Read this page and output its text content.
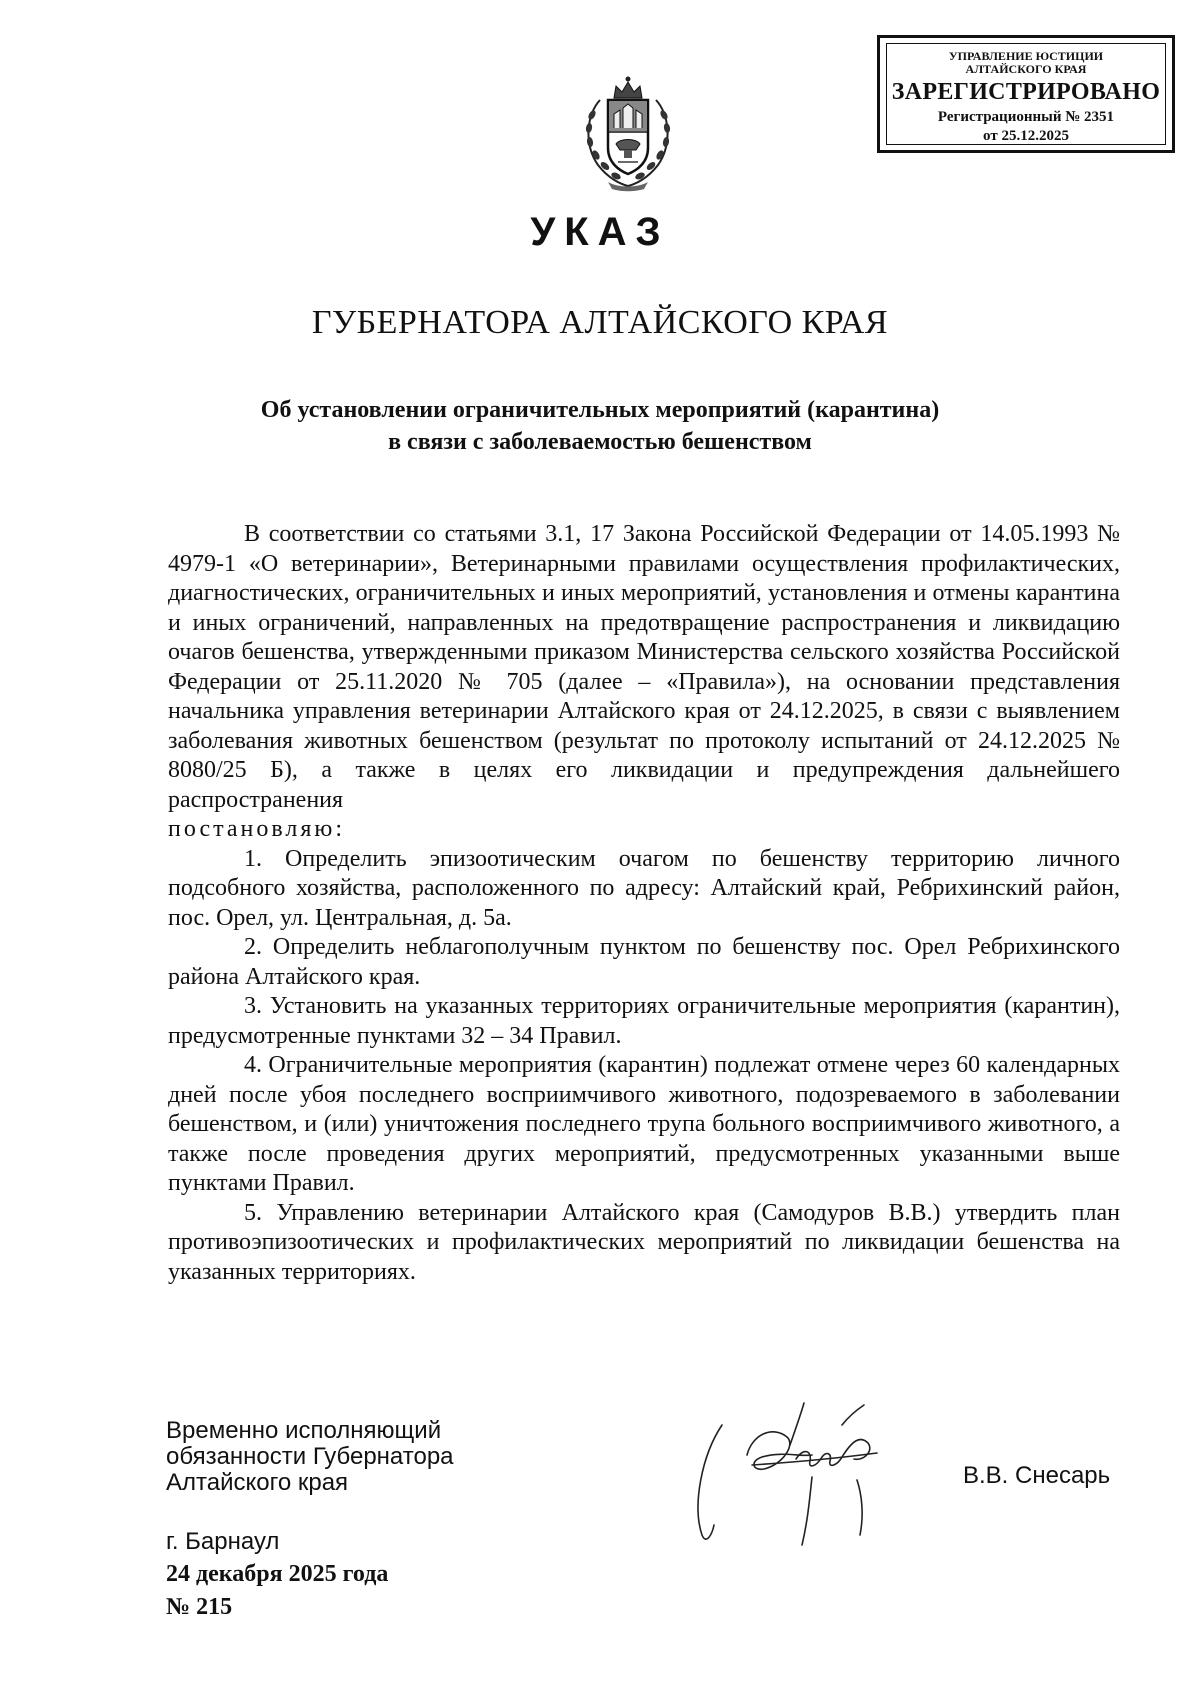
УПРАВЛЕНИЕ ЮСТИЦИИ
АЛТАЙСКОГО КРАЯ
ЗАРЕГИСТРИРОВАНО
Регистрационный № 2351
от 25.12.2025
УКАЗ
ГУБЕРНАТОРА АЛТАЙСКОГО КРАЯ
Об установлении ограничительных мероприятий (карантина)
в связи с заболеваемостью бешенством

В соответствии со статьями 3.1, 17 Закона Российской Федерации от 14.05.1993 № 4979-1 «О ветеринарии», Ветеринарными правилами осуществления профилактических, диагностических, ограничительных и иных мероприятий, установления и отмены карантина и иных ограничений, направленных на предотвращение распространения и ликвидацию очагов бешенства, утвержденными приказом Министерства сельского хозяйства Российской Федерации от 25.11.2020 № 705 (далее – «Правила»), на основании представления начальника управления ветеринарии Алтайского края от 24.12.2025, в связи с выявлением заболевания животных бешенством (результат по протоколу испытаний от 24.12.2025 № 8080/25 Б), а также в целях его ликвидации и предупреждения дальнейшего распространения

постановляю:

1. Определить эпизоотическим очагом по бешенству территорию личного подсобного хозяйства, расположенного по адресу: Алтайский край, Ребрихинский район, пос. Орел, ул. Центральная, д. 5а.

2. Определить неблагополучным пунктом по бешенству пос. Орел Ребрихинского района Алтайского края.

3. Установить на указанных территориях ограничительные мероприятия (карантин), предусмотренные пунктами 32 – 34 Правил.

4. Ограничительные мероприятия (карантин) подлежат отмене через 60 календарных дней после убоя последнего восприимчивого животного, подозреваемого в заболевании бешенством, и (или) уничтожения последнего трупа больного восприимчивого животного, а также после проведения других мероприятий, предусмотренных указанными выше пунктами Правил.

5. Управлению ветеринарии Алтайского края (Самодуров В.В.) утвердить план противоэпизоотических и профилактических мероприятий по ликвидации бешенства на указанных территориях.

Временно исполняющий
обязанности Губернатора
Алтайского края	В.В. Снесарь
г. Барнаул
24 декабря 2025 года
№ 215
